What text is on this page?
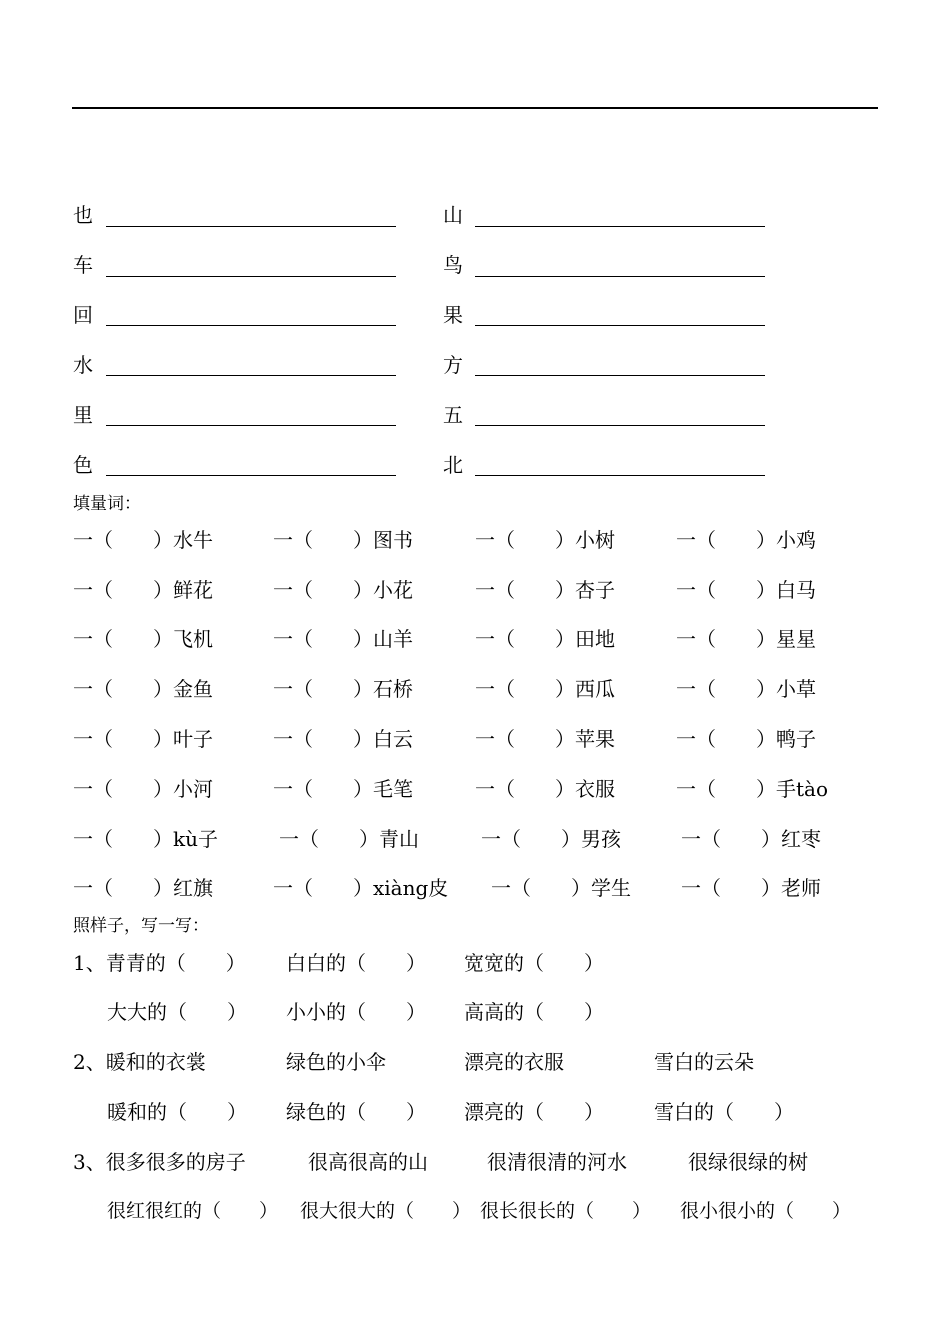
也	山
车	鸟
回	果
水	方
里	五
色	北
填量词：
一（　　）水牛	一（　　）图书	一（　　）小树	一（　　）小鸡
一（　　）鲜花	一（　　）小花	一（　　）杏子	一（　　）白马
一（　　）飞机	一（　　）山羊	一（　　）田地	一（　　）星星
一（　　）金鱼	一（　　）石桥	一（　　）西瓜	一（　　）小草
一（　　）叶子	一（　　）白云	一（　　）苹果	一（　　）鸭子
一（　　）小河	一（　　）毛笔	一（　　）衣服	一（　　）手tào
一（　　）kù子	一（　　）青山	一（　　）男孩	一（　　）红枣
一（　　）红旗	一（　　）xiàng皮 一（　　）学生	一（　　）老师
照样子，写一写：
1、青青的（　　） 白白的（　　） 宽宽的（　　）
大大的（　　） 小小的（　　） 高高的（　　）
2、暖和的衣裳	绿色的小伞	漂亮的衣服	雪白的云朵
暖和的（　　） 绿色的（　　） 漂亮的（　　）	雪白的（　　）
3、很多很多的房子	很高很高的山	很清很清的河水	很绿很绿的树
很红很红的（　　） 很大很大的（　　） 很长很长的（　　） 很小很小的（　　）
